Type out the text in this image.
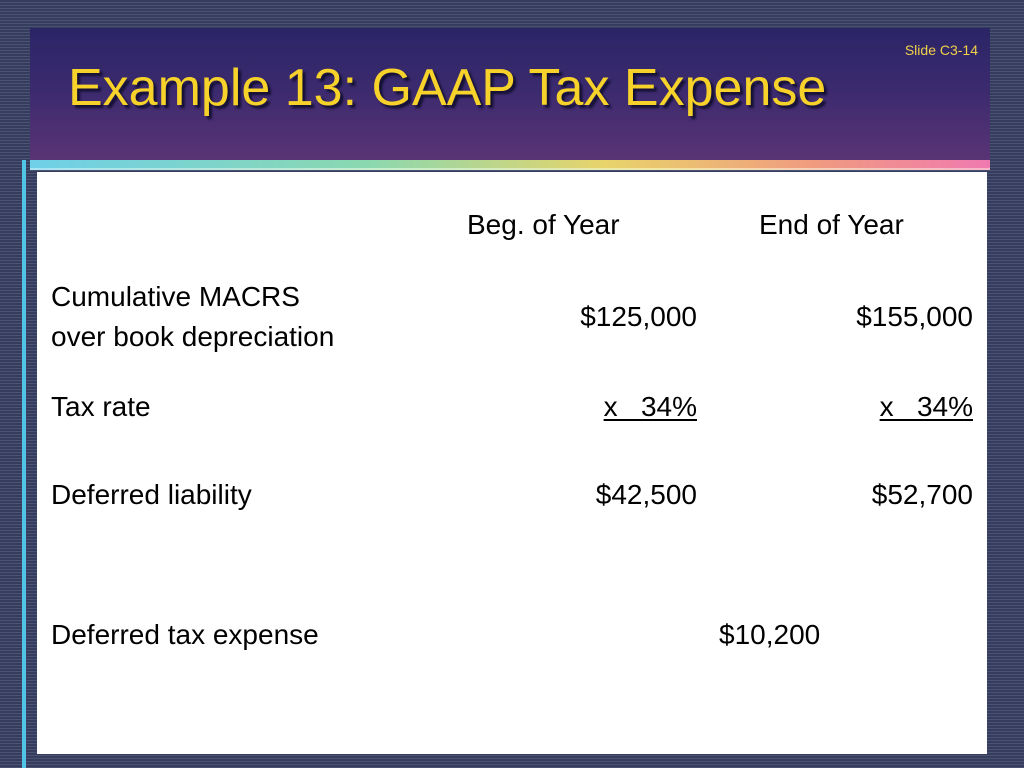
Slide C3-14
Example 13: GAAP Tax Expense
Beg. of Year	End of Year
Cumulative MACRS
over book depreciation
$125,000	$155,000
Tax rate	x   34%	x   34%
Deferred liability	$42,500	$52,700
Deferred tax expense	$10,200
